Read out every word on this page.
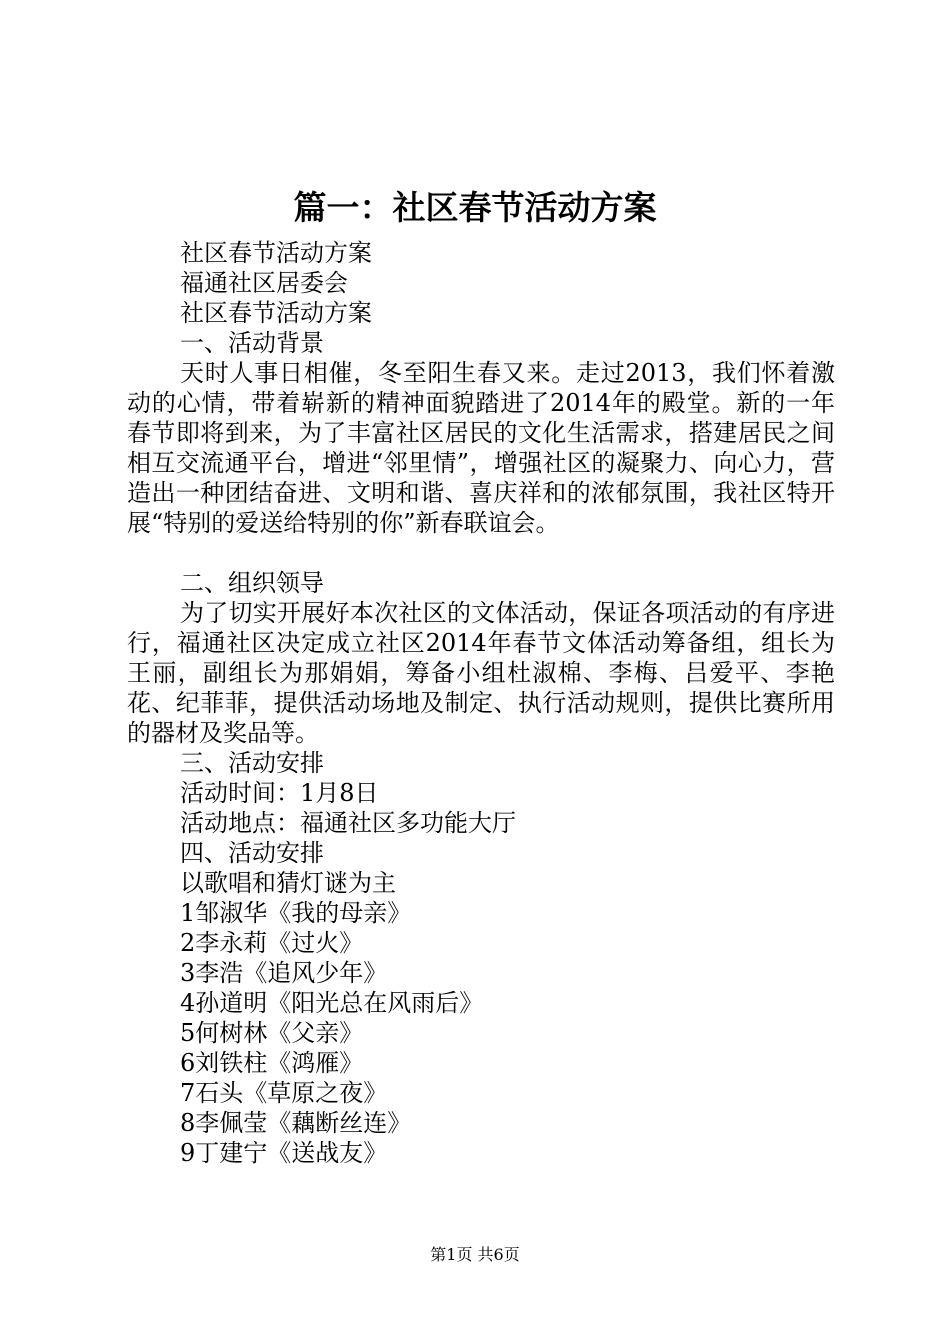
篇一：社区春节活动方案
社区春节活动方案
福通社区居委会
社区春节活动方案
一、活动背景

天时人事日相催，冬至阳生春又来。走过2013，我们怀着激动的心情，带着崭新的精神面貌踏进了2014年的殿堂。新的一年春节即将到来，为了丰富社区居民的文化生活需求，搭建居民之间相互交流通平台，增进“邻里情”，增强社区的凝聚力、向心力，营造出一种团结奋进、文明和谐、喜庆祥和的浓郁氛围，我社区特开展“特别的爱送给特别的你”新春联谊会。

二、组织领导

为了切实开展好本次社区的文体活动，保证各项活动的有序进行，福通社区决定成立社区2014年春节文体活动筹备组，组长为王丽，副组长为那娟娟，筹备小组杜淑棉、李梅、吕爱平、李艳花、纪菲菲，提供活动场地及制定、执行活动规则，提供比赛所用的器材及奖品等。

三、活动安排
活动时间：1月8日
活动地点：福通社区多功能大厅
四、活动安排
以歌唱和猜灯谜为主
1邹淑华《我的母亲》
2李永莉《过火》
3李浩《追风少年》
4孙道明《阳光总在风雨后》
5何树林《父亲》
6刘铁柱《鸿雁》
7石头《草原之夜》
8李佩莹《藕断丝连》
9丁建宁《送战友》
第1页 共6页
